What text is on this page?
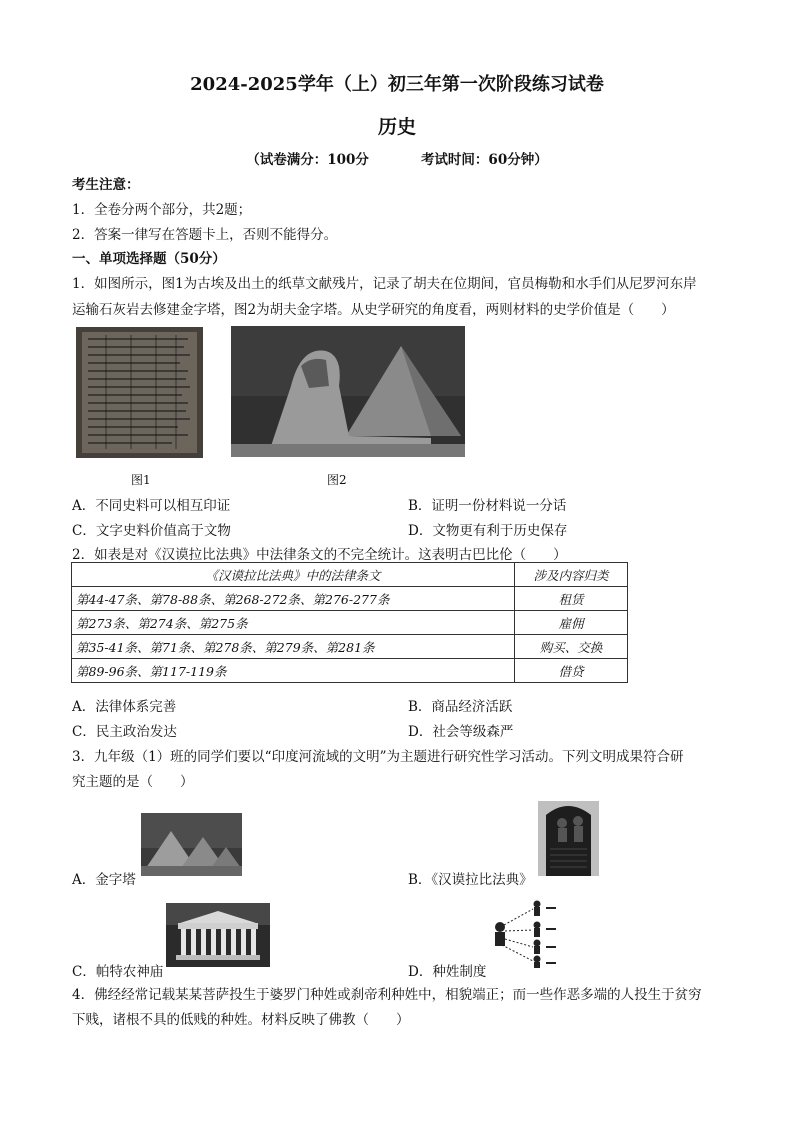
2024-2025学年（上）初三年第一次阶段练习试卷
历史
（试卷满分：100分	考试时间：60分钟）
考生注意：
1．全卷分两个部分，共2题；
2．答案一律写在答题卡上，否则不能得分。
一、单项选择题（50分）
1．如图所示，图1为古埃及出土的纸草文献残片，记录了胡夫在位期间，官员梅勒和水手们从尼罗河东岸
运输石灰岩去修建金字塔，图2为胡夫金字塔。从史学研究的角度看，两则材料的史学价值是（　　）
图1	图2
A．不同史料可以相互印证	B．证明一份材料说一分话
C．文字史料价值高于文物	D．文物更有利于历史保存
2．如表是对《汉谟拉比法典》中法律条文的不完全统计。这表明古巴比伦（　　）
《汉谟拉比法典》中的法律条文	涉及内容归类
第44-47条、第78-88条、第268-272条、第276-277条	租赁
第273条、第274条、第275条	雇佣
第35-41条、第71条、第278条、第279条、第281条	购买、交换
第89-96条、第117-119条	借贷
A．法律体系完善	B．商品经济活跃
C．民主政治发达	D．社会等级森严
3．九年级（1）班的同学们要以“印度河流域的文明”为主题进行研究性学习活动。下列文明成果符合研
究主题的是（　　）
A．金字塔	B．《汉谟拉比法典》
C．帕特农神庙	D．种姓制度
4．佛经经常记载某某菩萨投生于婆罗门种姓或刹帝利种姓中，相貌端正；而一些作恶多端的人投生于贫穷
下贱，诸根不具的低贱的种姓。材料反映了佛教（　　）
